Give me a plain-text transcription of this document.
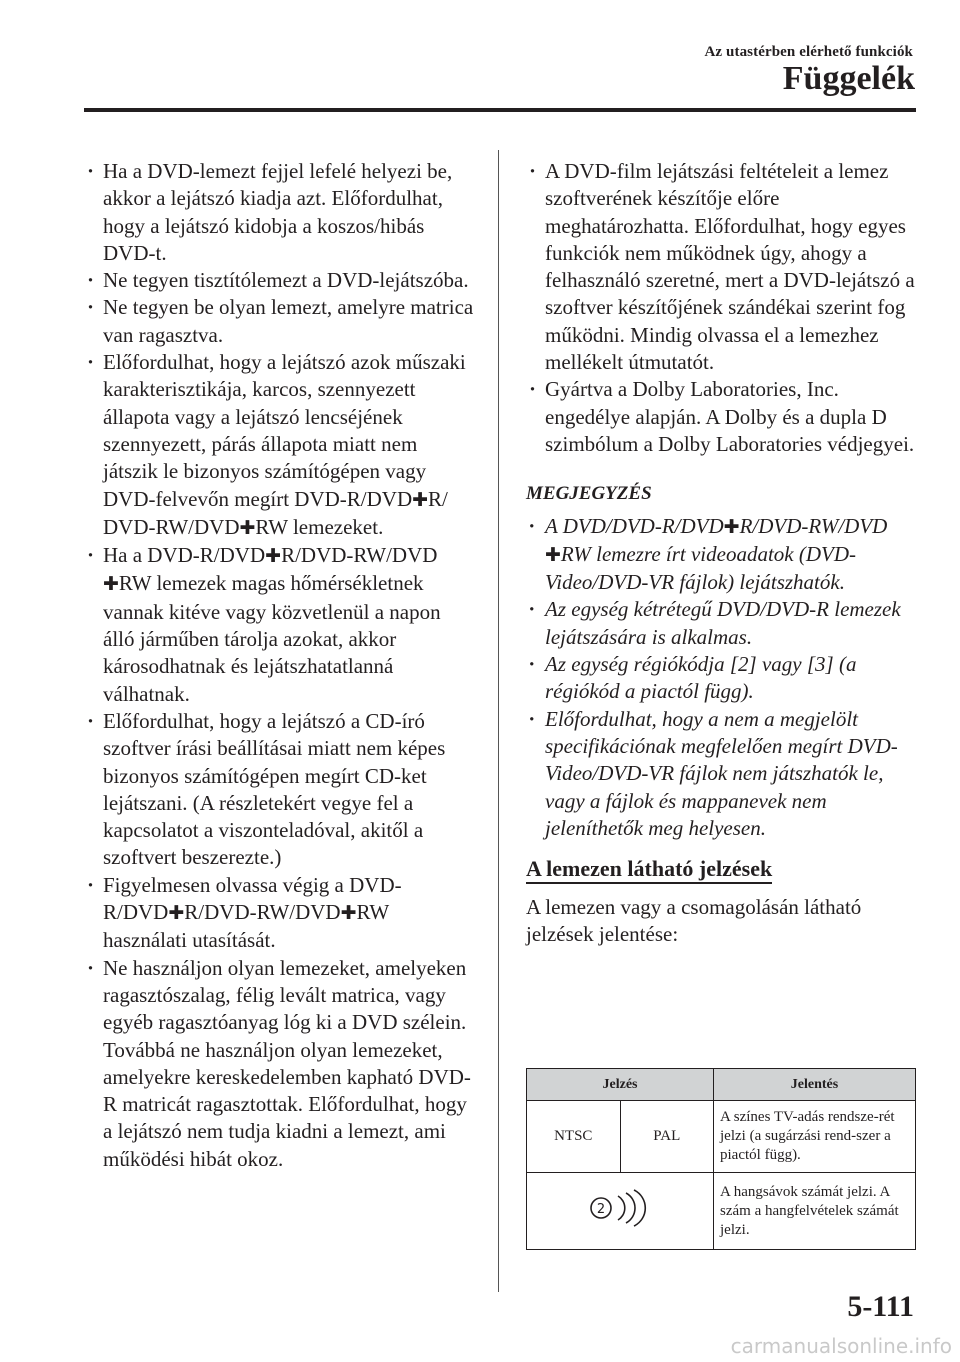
Az utastérben elérhető funkciók
Függelék
· Ha a DVD-lemezt fejjel lefelé helyezi be, akkor a lejátszó kiadja azt. Előfordulhat, hogy a lejátszó kidobja a koszos/hibás DVD-t.
· Ne tegyen tisztítólemezt a DVD-lejátszóba.
· Ne tegyen be olyan lemezt, amelyre matrica van ragasztva.
· Előfordulhat, hogy a lejátszó azok műszaki karakterisztikája, karcos, szennyezett állapota vagy a lejátszó lencséjének szennyezett, párás állapota miatt nem játszik le bizonyos számítógépen vagy DVD-felvevőn megírt DVD-R/DVD✚R/ DVD-RW/DVD✚RW lemezeket.
· Ha a DVD-R/DVD✚R/DVD-RW/DVD ✚RW lemezek magas hőmérsékletnek vannak kitéve vagy közvetlenül a napon álló járműben tárolja azokat, akkor károsodhatnak és lejátszhatatlanná válhatnak.
· Előfordulhat, hogy a lejátszó a CD-író szoftver írási beállításai miatt nem képes bizonyos számítógépen megírt CD-ket lejátszani. (A részletekért vegye fel a kapcsolatot a viszonteladóval, akitől a szoftvert beszerezte.)
· Figyelmesen olvassa végig a DVD-R/DVD✚R/DVD-RW/DVD✚RW használati utasítását.
· Ne használjon olyan lemezeket, amelyeken ragasztószalag, félig levált matrica, vagy egyéb ragasztóanyag lóg ki a DVD szélein. Továbbá ne használjon olyan lemezeket, amelyekre kereskedelemben kapható DVD-R matricát ragasztottak. Előfordulhat, hogy a lejátszó nem tudja kiadni a lemezt, ami működési hibát okoz.
· A DVD-film lejátszási feltételeit a lemez szoftverének készítője előre meghatározhatta. Előfordulhat, hogy egyes funkciók nem működnek úgy, ahogy a felhasználó szeretné, mert a DVD-lejátszó a szoftver készítőjének szándékai szerint fog működni. Mindig olvassa el a lemezhez mellékelt útmutatót.
· Gyártva a Dolby Laboratories, Inc. engedélye alapján. A Dolby és a dupla D szimbólum a Dolby Laboratories védjegyei.
MEGJEGYZÉS
· A DVD/DVD-R/DVD✚R/DVD-RW/DVD ✚RW lemezre írt videoadatok (DVD-Video/DVD-VR fájlok) lejátszhatók.
· Az egység kétrétegű DVD/DVD-R lemezek lejátszására is alkalmas.
· Az egység régiókódja [2] vagy [3] (a régiókód a piactól függ).
· Előfordulhat, hogy a nem a megjelölt specifikációnak megfelelően megírt DVD-Video/DVD-VR fájlok nem játszhatók le, vagy a fájlok és mappanevek nem jeleníthetők meg helyesen.
A lemezen látható jelzések

A lemezen vagy a csomagolásán látható jelzések jelentése:

Jelzés		Jelentés
NTSC	PAL	A színes TV-adás rendsze-rét jelzi (a sugárzási rend-szer a piactól függ).

2		A hangsávok számát jelzi. A szám a hangfelvételek számát jelzi.
5-111
carmanualsonline.info
